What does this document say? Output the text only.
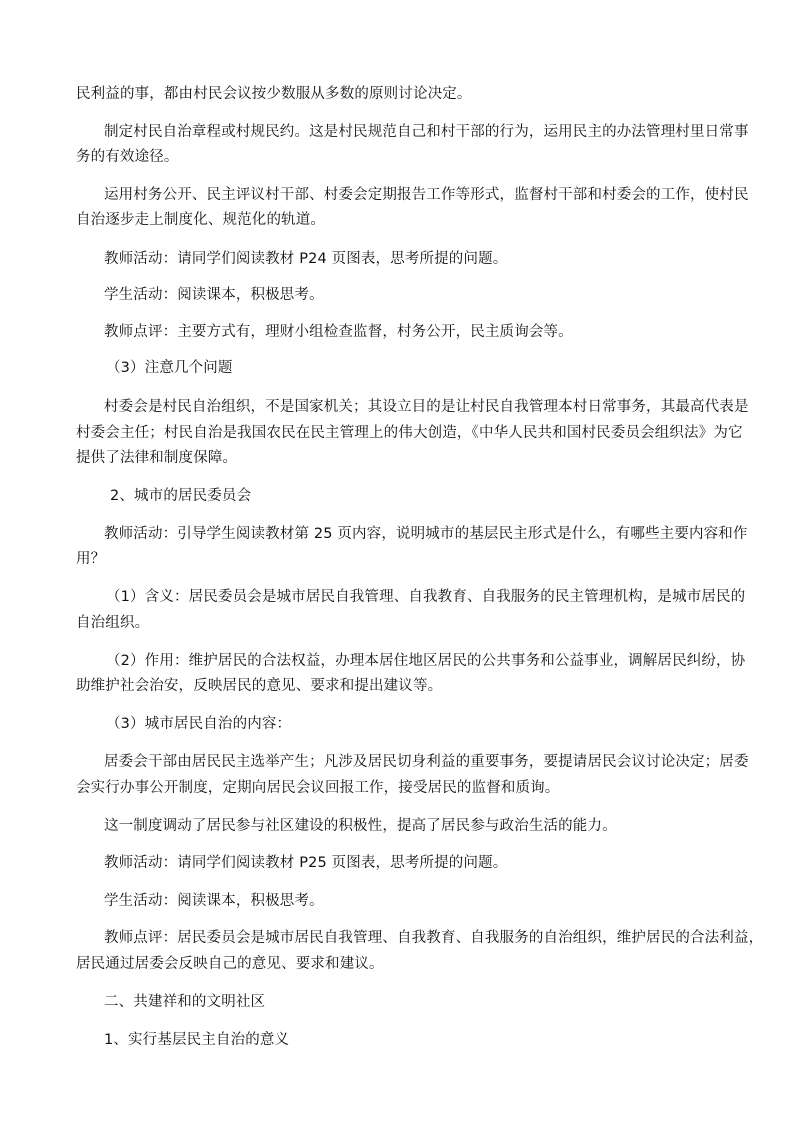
民利益的事，都由村民会议按少数服从多数的原则讨论决定。

制定村民自治章程或村规民约。这是村民规范自己和村干部的行为，运用民主的办法管理村里日常事

务的有效途径。

运用村务公开、民主评议村干部、村委会定期报告工作等形式，监督村干部和村委会的工作，使村民

自治逐步走上制度化、规范化的轨道。

教师活动：请同学们阅读教材 P24 页图表，思考所提的问题。

学生活动：阅读课本，积极思考。

教师点评：主要方式有，理财小组检查监督，村务公开，民主质询会等。

（3）注意几个问题

村委会是村民自治组织，不是国家机关；其设立目的是让村民自我管理本村日常事务，其最高代表是

村委会主任；村民自治是我国农民在民主管理上的伟大创造，《中华人民共和国村民委员会组织法》为它

提供了法律和制度保障。

2、城市的居民委员会

教师活动：引导学生阅读教材第 25 页内容，说明城市的基层民主形式是什么，有哪些主要内容和作

用？

（1）含义：居民委员会是城市居民自我管理、自我教育、自我服务的民主管理机构，是城市居民的

自治组织。

（2）作用：维护居民的合法权益，办理本居住地区居民的公共事务和公益事业，调解居民纠纷，协

助维护社会治安，反映居民的意见、要求和提出建议等。

（3）城市居民自治的内容：

居委会干部由居民民主选举产生；凡涉及居民切身利益的重要事务，要提请居民会议讨论决定；居委

会实行办事公开制度，定期向居民会议回报工作，接受居民的监督和质询。

这一制度调动了居民参与社区建设的积极性，提高了居民参与政治生活的能力。

教师活动：请同学们阅读教材 P25 页图表，思考所提的问题。

学生活动：阅读课本，积极思考。

教师点评：居民委员会是城市居民自我管理、自我教育、自我服务的自治组织，维护居民的合法利益，

居民通过居委会反映自己的意见、要求和建议。

二、共建祥和的文明社区

1、实行基层民主自治的意义
